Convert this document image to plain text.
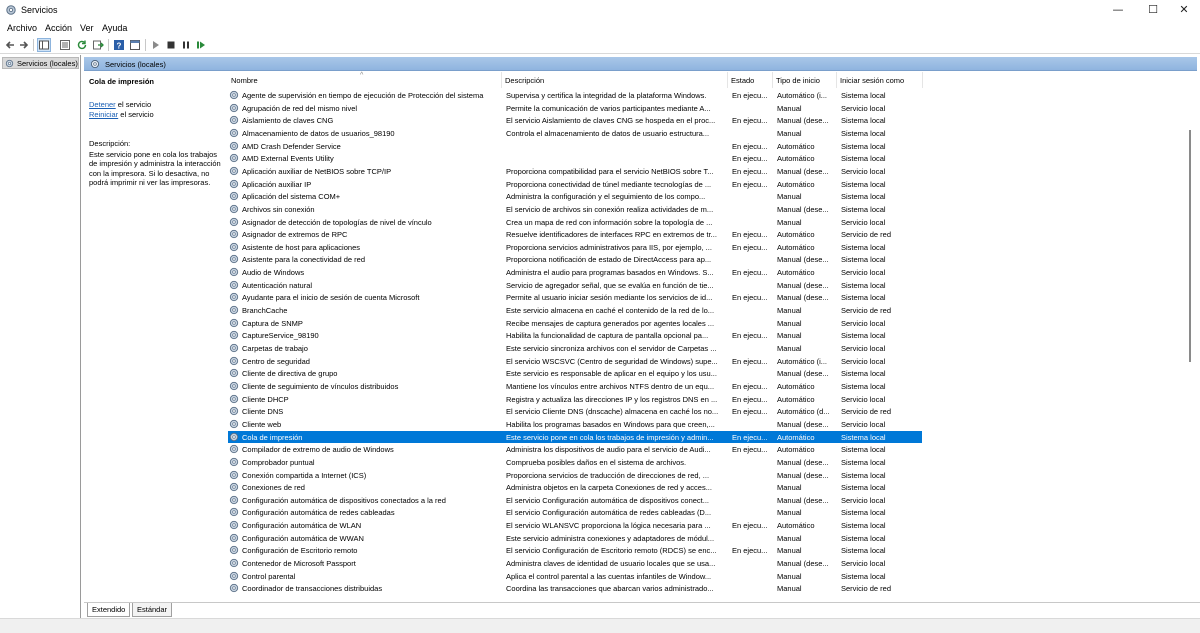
Servicios	—	☐	✕
Archivo Acción Ver Ayuda
?
Servicios (locales)	Servicios (locales)
Cola de impresión
Detener el servicio
Reiniciar el servicio
Descripción:
Este servicio pone en cola los trabajos de impresión y administra la interacción con la impresora. Si lo desactiva, no podrá imprimir ni ver las impresoras.
^
Nombre	Descripción	Estado	Tipo de inicio	Iniciar sesión como
Agente de supervisión en tiempo de ejecución de Protección del sistema	Supervisa y certifica la integridad de la plataforma Windows.	En ejecu...	Automático (i...	Sistema local
Agrupación de red del mismo nivel	Permite la comunicación de varios participantes mediante A...	Manual	Servicio local
Aislamiento de claves CNG	El servicio Aislamiento de claves CNG se hospeda en el proc...	En ejecu...	Manual (dese...	Sistema local
Almacenamiento de datos de usuarios_98190	Controla el almacenamiento de datos de usuario estructura...	Manual	Sistema local
AMD Crash Defender Service	En ejecu...	Automático	Sistema local
AMD External Events Utility	En ejecu...	Automático	Sistema local
Aplicación auxiliar de NetBIOS sobre TCP/IP	Proporciona compatibilidad para el servicio NetBIOS sobre T...	En ejecu...	Manual (dese...	Servicio local
Aplicación auxiliar IP	Proporciona conectividad de túnel mediante tecnologías de ...	En ejecu...	Automático	Sistema local
Aplicación del sistema COM+	Administra la configuración y el seguimiento de los compo...	Manual	Sistema local
Archivos sin conexión	El servicio de archivos sin conexión realiza actividades de m...	Manual (dese...	Sistema local
Asignador de detección de topologías de nivel de vínculo	Crea un mapa de red con información sobre la topología de ...	Manual	Servicio local
Asignador de extremos de RPC	Resuelve identificadores de interfaces RPC en extremos de tr...	En ejecu...	Automático	Servicio de red
Asistente de host para aplicaciones	Proporciona servicios administrativos para IIS, por ejemplo, ...	En ejecu...	Automático	Sistema local
Asistente para la conectividad de red	Proporciona notificación de estado de DirectAccess para ap...	Manual (dese...	Sistema local
Audio de Windows	Administra el audio para programas basados en Windows. S...	En ejecu...	Automático	Servicio local
Autenticación natural	Servicio de agregador señal, que se evalúa en función de tie...	Manual (dese...	Sistema local
Ayudante para el inicio de sesión de cuenta Microsoft	Permite al usuario iniciar sesión mediante los servicios de id...	En ejecu...	Manual (dese...	Sistema local
BranchCache	Este servicio almacena en caché el contenido de la red de lo...	Manual	Servicio de red
Captura de SNMP	Recibe mensajes de captura generados por agentes locales ...	Manual	Servicio local
CaptureService_98190	Habilita la funcionalidad de captura de pantalla opcional pa...	En ejecu...	Manual	Sistema local
Carpetas de trabajo	Este servicio sincroniza archivos con el servidor de Carpetas ...	Manual	Servicio local
Centro de seguridad	El servicio WSCSVC (Centro de seguridad de Windows) supe...	En ejecu...	Automático (i...	Servicio local
Cliente de directiva de grupo	Este servicio es responsable de aplicar en el equipo y los usu...	Manual (dese...	Sistema local
Cliente de seguimiento de vínculos distribuidos	Mantiene los vínculos entre archivos NTFS dentro de un equ...	En ejecu...	Automático	Sistema local
Cliente DHCP	Registra y actualiza las direcciones IP y los registros DNS en ...	En ejecu...	Automático	Servicio local
Cliente DNS	El servicio Cliente DNS (dnscache) almacena en caché los no...	En ejecu...	Automático (d...	Servicio de red
Cliente web	Habilita los programas basados en Windows para que creen,...	Manual (dese...	Servicio local
Cola de impresión	Este servicio pone en cola los trabajos de impresión y admin...	En ejecu...	Automático	Sistema local
Compilador de extremo de audio de Windows	Administra los dispositivos de audio para el servicio de Audi...	En ejecu...	Automático	Sistema local
Comprobador puntual	Comprueba posibles daños en el sistema de archivos.	Manual (dese...	Sistema local
Conexión compartida a Internet (ICS)	Proporciona servicios de traducción de direcciones de red, ...	Manual (dese...	Sistema local
Conexiones de red	Administra objetos en la carpeta Conexiones de red y acces...	Manual	Sistema local
Configuración automática de dispositivos conectados a la red	El servicio Configuración automática de dispositivos conect...	Manual (dese...	Servicio local
Configuración automática de redes cableadas	El servicio Configuración automática de redes cableadas (D...	Manual	Sistema local
Configuración automática de WLAN	El servicio WLANSVC proporciona la lógica necesaria para ...	En ejecu...	Automático	Sistema local
Configuración automática de WWAN	Este servicio administra conexiones y adaptadores de módul...	Manual	Sistema local
Configuración de Escritorio remoto	El servicio Configuración de Escritorio remoto (RDCS) se enc...	En ejecu...	Manual	Sistema local
Contenedor de Microsoft Passport	Administra claves de identidad de usuario locales que se usa...	Manual (dese...	Servicio local
Control parental	Aplica el control parental a las cuentas infantiles de Window...	Manual	Sistema local
Coordinador de transacciones distribuidas	Coordina las transacciones que abarcan varios administrado...	Manual	Servicio de red
Extendido	Estándar
